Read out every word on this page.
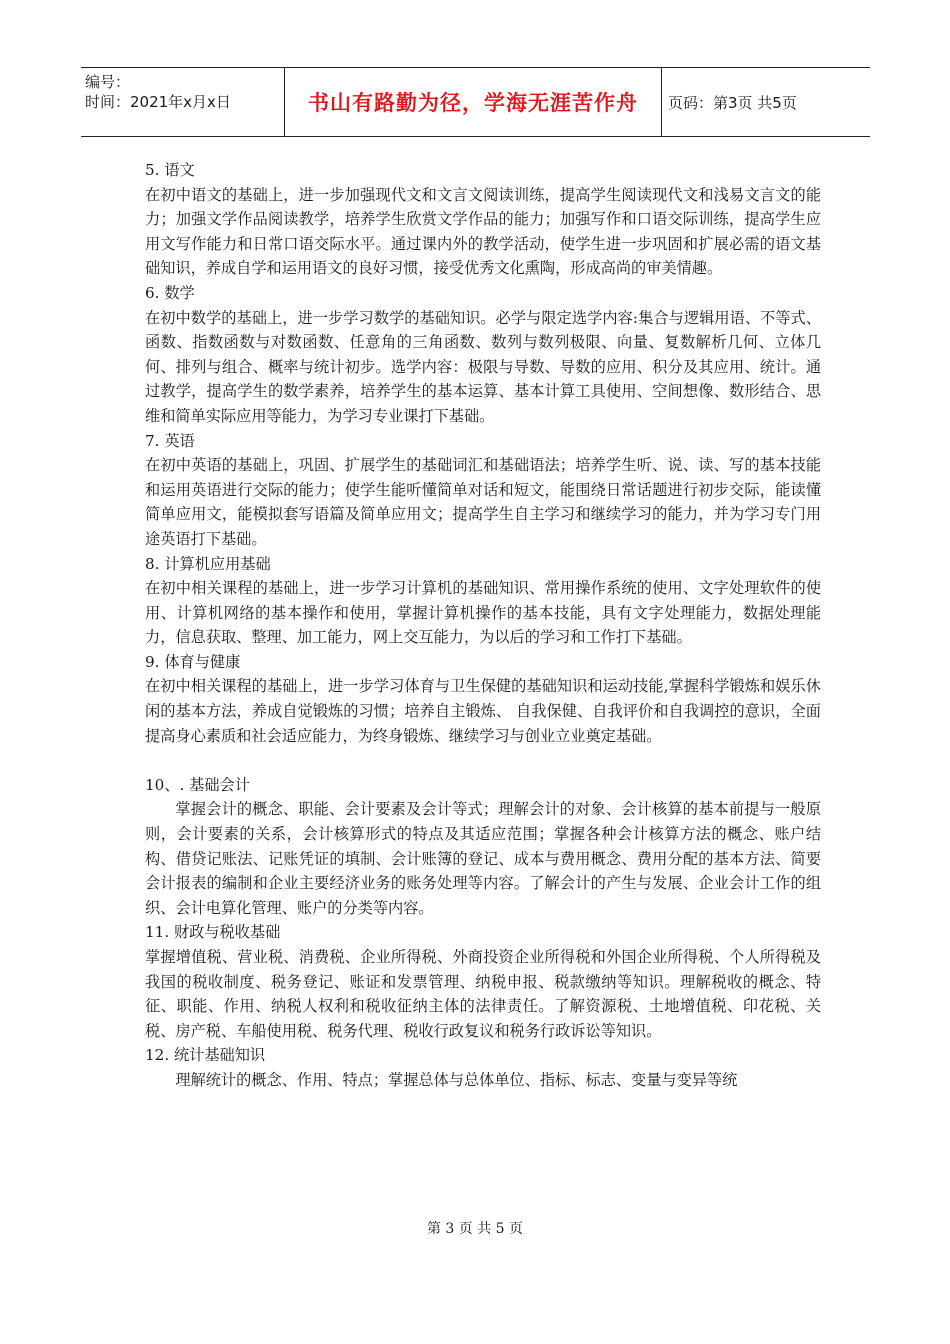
编号：
时间：2021年x月x日	书山有路勤为径，学海无涯苦作舟 页码：第3页 共5页

5. 语文

在初中语文的基础上，进一步加强现代文和文言文阅读训练，提高学生阅读现代文和浅易文言文的能力；加强文学作品阅读教学，培养学生欣赏文学作品的能力；加强写作和口语交际训练，提高学生应用文写作能力和日常口语交际水平。通过课内外的教学活动，使学生进一步巩固和扩展必需的语文基础知识，养成自学和运用语文的良好习惯，接受优秀文化熏陶，形成高尚的审美情趣。

6. 数学

在初中数学的基础上，进一步学习数学的基础知识。必学与限定选学内容:集合与逻辑用语、不等式、函数、指数函数与对数函数、任意角的三角函数、数列与数列极限、向量、复数解析几何、立体几何、排列与组合、概率与统计初步。选学内容：极限与导数、导数的应用、积分及其应用、统计。通过教学，提高学生的数学素养，培养学生的基本运算、基本计算工具使用、空间想像、数形结合、思维和简单实际应用等能力，为学习专业课打下基础。

7. 英语

在初中英语的基础上，巩固、扩展学生的基础词汇和基础语法；培养学生听、说、读、写的基本技能和运用英语进行交际的能力；使学生能听懂简单对话和短文，能围绕日常话题进行初步交际，能读懂简单应用文，能模拟套写语篇及简单应用文；提高学生自主学习和继续学习的能力，并为学习专门用途英语打下基础。

8. 计算机应用基础

在初中相关课程的基础上，进一步学习计算机的基础知识、常用操作系统的使用、文字处理软件的使用、计算机网络的基本操作和使用，掌握计算机操作的基本技能，具有文字处理能力，数据处理能力，信息获取、整理、加工能力，网上交互能力，为以后的学习和工作打下基础。

9. 体育与健康

在初中相关课程的基础上，进一步学习体育与卫生保健的基础知识和运动技能,掌握科学锻炼和娱乐休闲的基本方法，养成自觉锻炼的习惯；培养自主锻炼、 自我保健、自我评价和自我调控的意识，全面提高身心素质和社会适应能力，为终身锻炼、继续学习与创业立业奠定基础。

10、. 基础会计

掌握会计的概念、职能、会计要素及会计等式；理解会计的对象、会计核算的基本前提与一般原则，会计要素的关系，会计核算形式的特点及其适应范围；掌握各种会计核算方法的概念、账户结构、借贷记账法、记账凭证的填制、会计账簿的登记、成本与费用概念、费用分配的基本方法、简要会计报表的编制和企业主要经济业务的账务处理等内容。了解会计的产生与发展、企业会计工作的组织、会计电算化管理、账户的分类等内容。

11. 财政与税收基础

掌握增值税、营业税、消费税、企业所得税、外商投资企业所得税和外国企业所得税、个人所得税及我国的税收制度、税务登记、账证和发票管理、纳税申报、税款缴纳等知识。理解税收的概念、特征、职能、作用、纳税人权利和税收征纳主体的法律责任。了解资源税、土地增值税、印花税、关税、房产税、车船使用税、税务代理、税收行政复议和税务行政诉讼等知识。

12. 统计基础知识

理解统计的概念、作用、特点；掌握总体与总体单位、指标、标志、变量与变异等统

第 3 页 共 5 页
